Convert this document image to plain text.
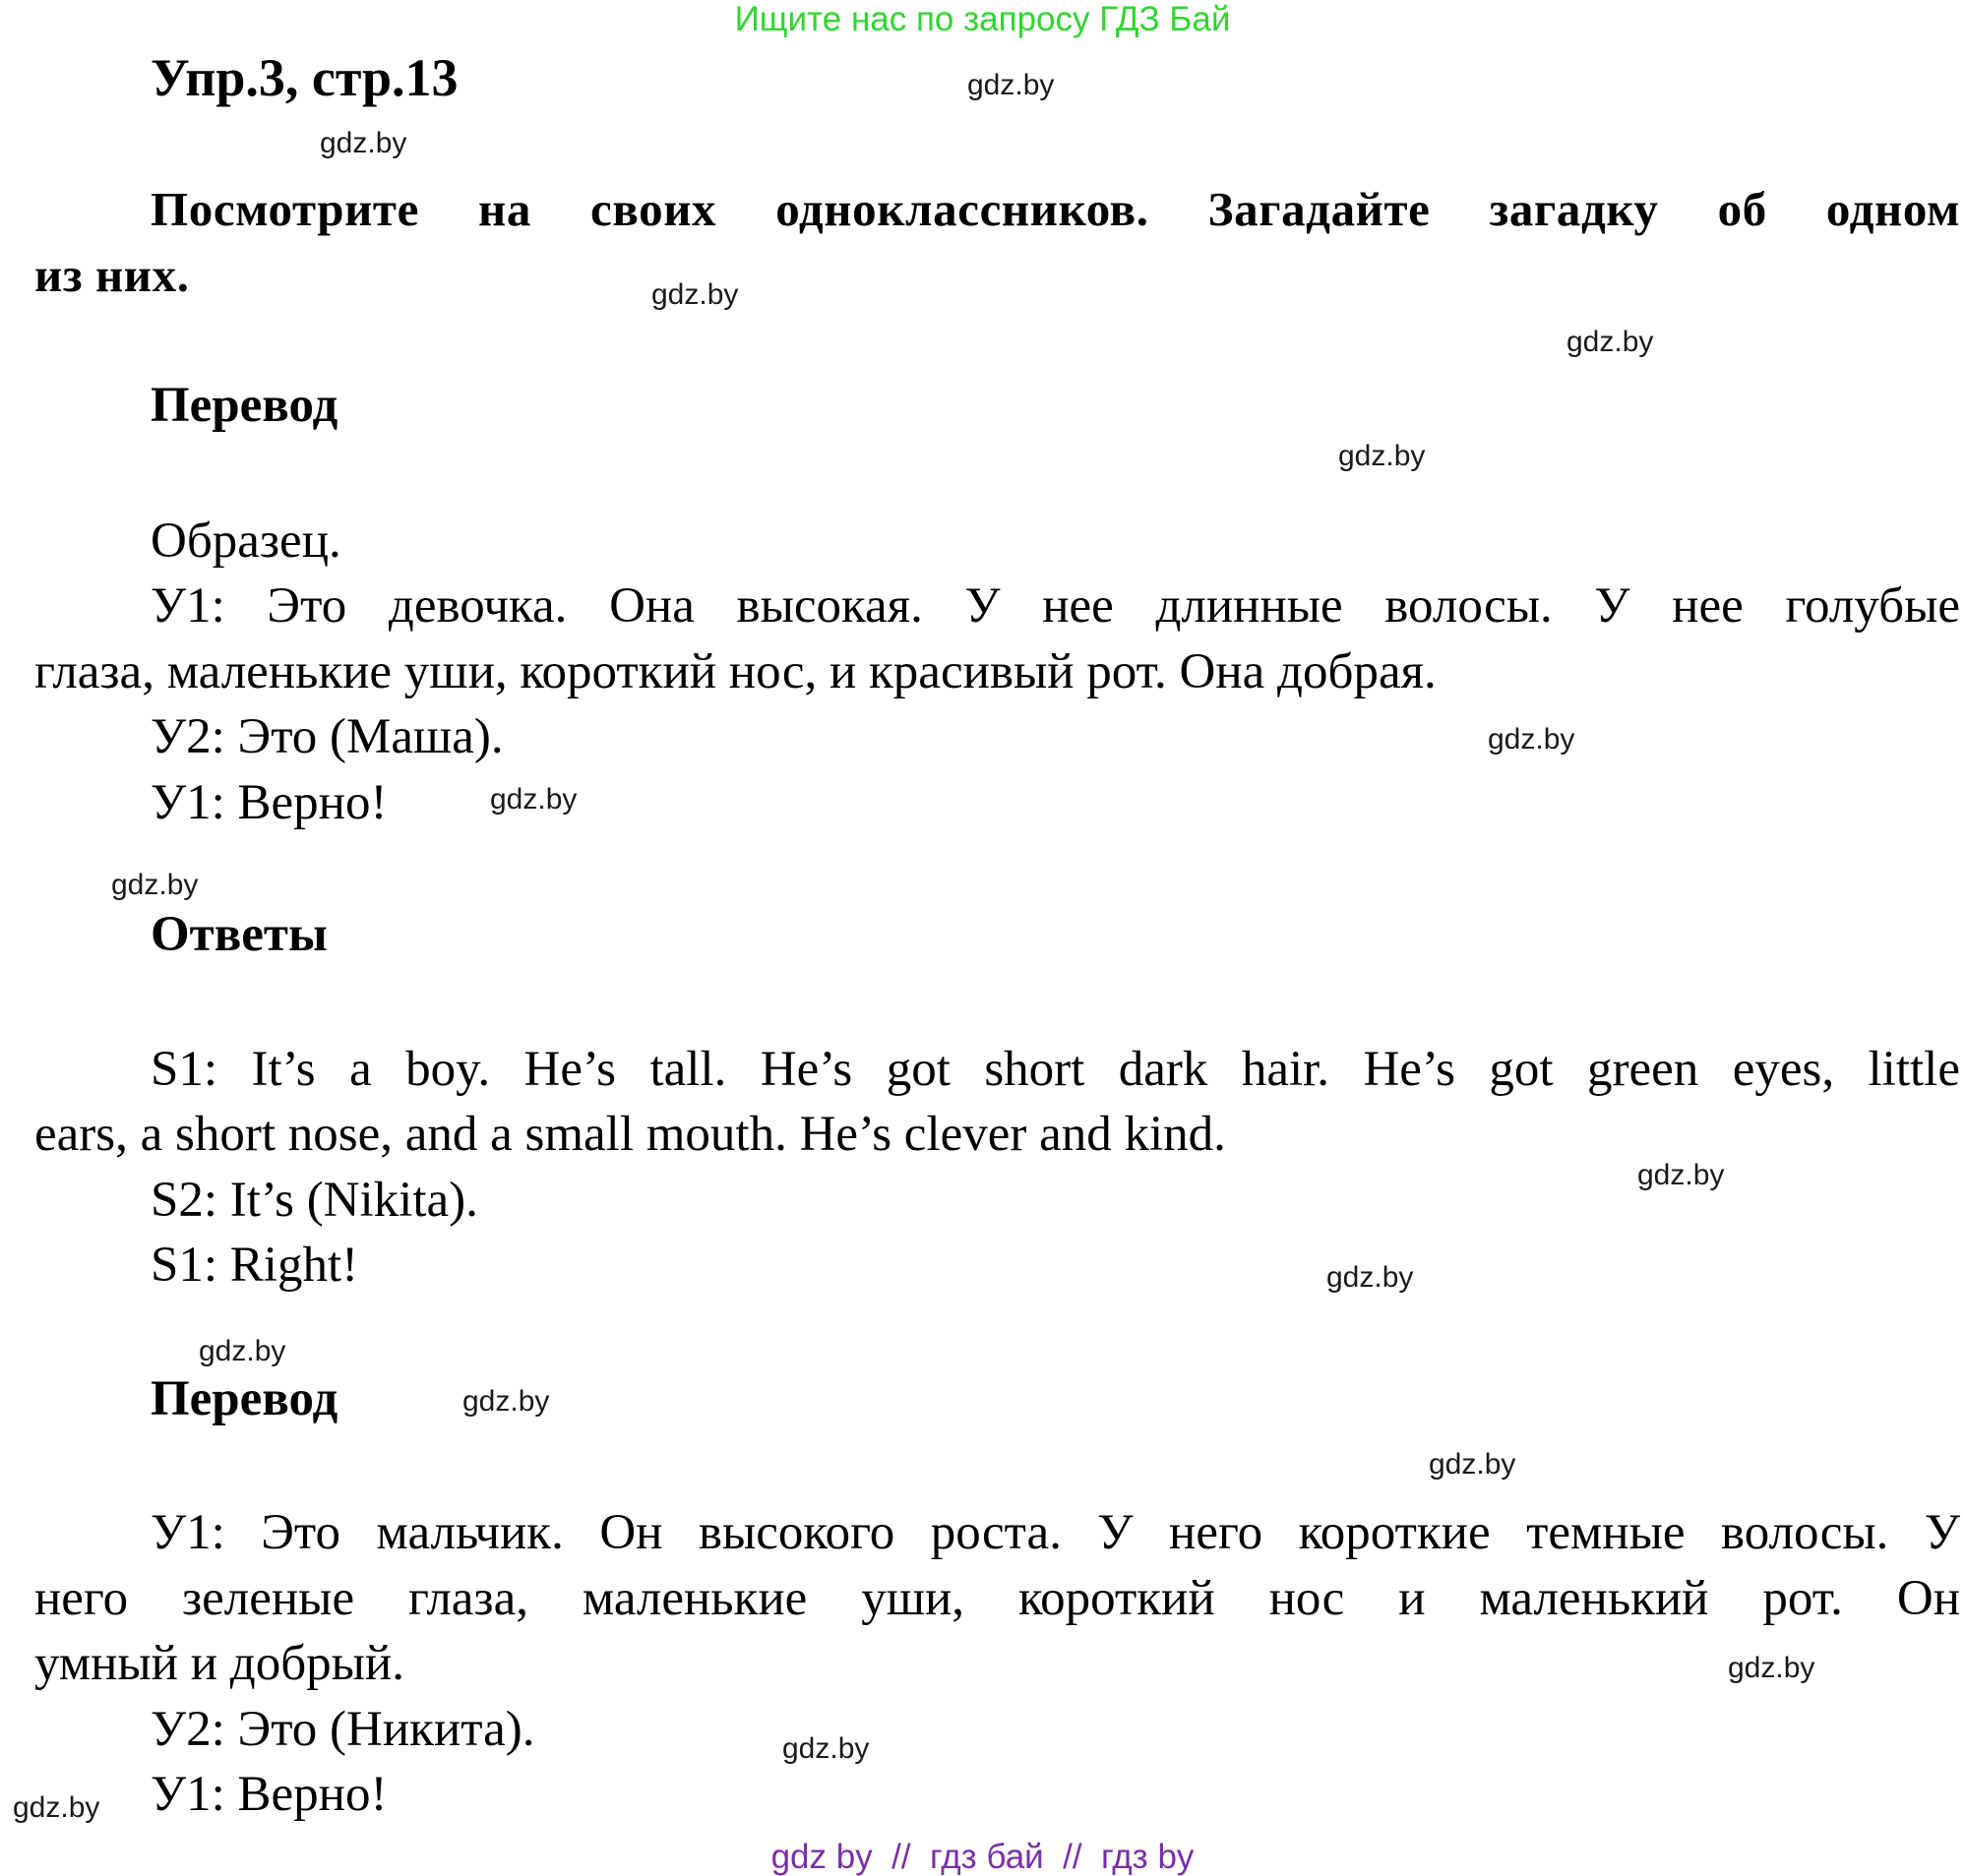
Ищите нас по запросу ГДЗ Бай
Упр.3, стр.13
Посмотрите на своих одноклассников. Загадайте загадку об одном
из них.
Перевод
Образец.
У1: Это девочка. Она высокая. У нее длинные волосы. У нее голубые
глаза, маленькие уши, короткий нос, и красивый рот. Она добрая.
У2: Это (Маша).
У1: Верно!
Ответы
S1: It’s a boy. He’s tall. He’s got short dark hair. He’s got green eyes, little
ears, a short nose, and a small mouth. He’s clever and kind.
S2: It’s (Nikita).
S1: Right!
Перевод
У1: Это мальчик. Он высокого роста. У него короткие темные волосы. У
него зеленые глаза, маленькие уши, короткий нос и маленький рот. Он
умный и добрый.
У2: Это (Никита).
У1: Верно!
gdz.by
gdz.by
gdz.by
gdz.by
gdz.by
gdz.by
gdz.by
gdz.by
gdz.by
gdz.by
gdz.by
gdz.by
gdz.by
gdz.by
gdz.by
gdz.by
gdz by  //  гдз бай  //  гдз by
